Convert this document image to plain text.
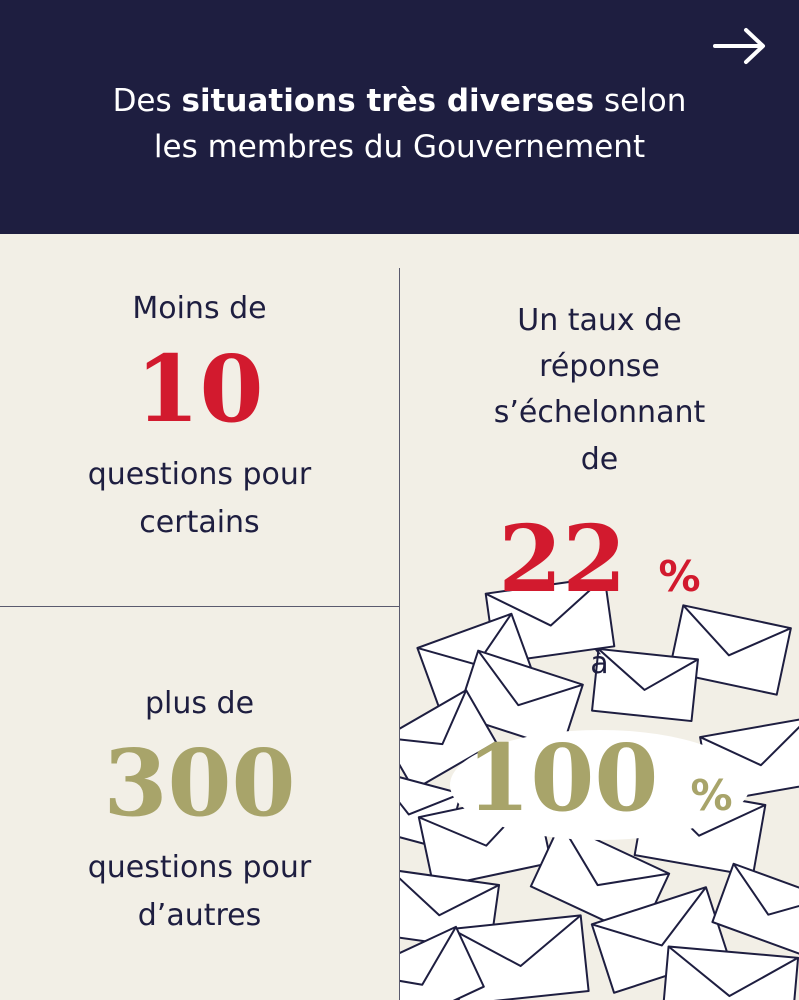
Des situations très diverses selon
les membres du Gouvernement
Moins de
10
questions pour
certains
plus de
300
questions pour
d’autres
Un taux de
réponse
s’échelonnant
de
22 %
à
100 %
